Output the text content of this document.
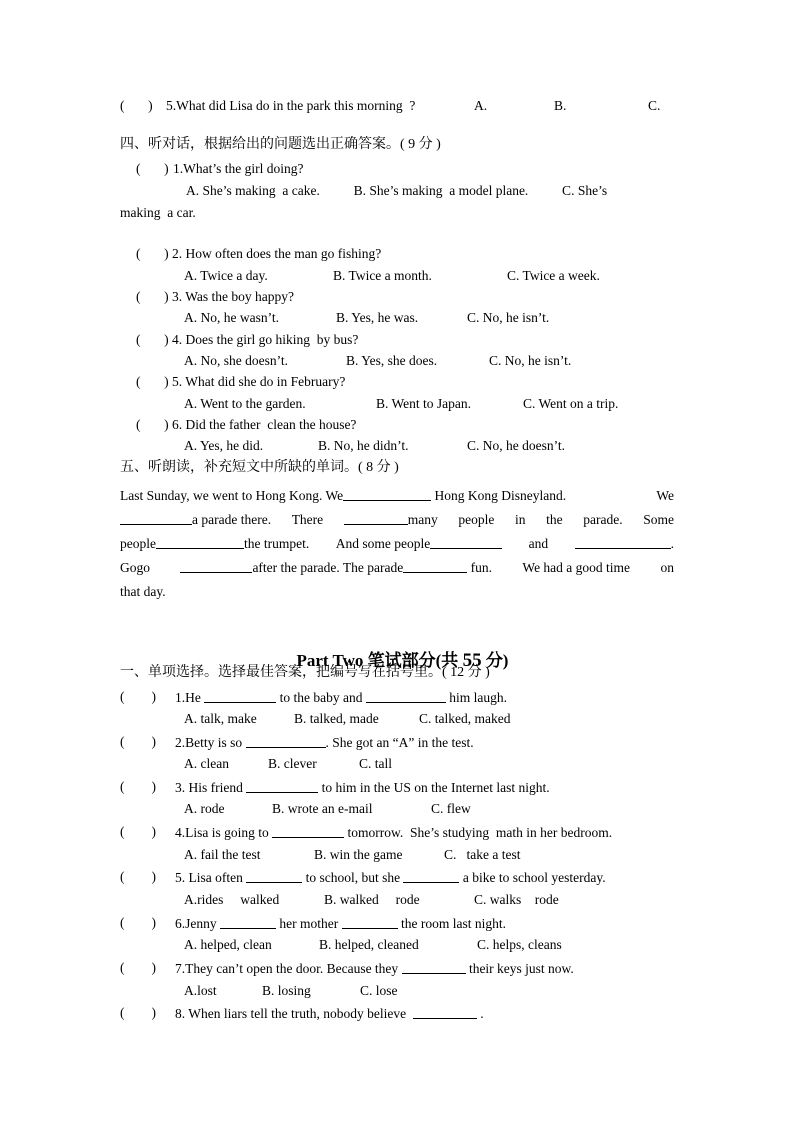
(       ) 5.What did Lisa do in the park this morning  ?	A.	B.	C.
四、听对话，根据给出的问题选出正确答案。( 9 分 )
(       ) 1.What’s the girl doing?
A. She’s making  a cake.          B. She’s making  a model plane.          C. She’s
making  a car.
(       ) 2. How often does the man go fishing?
A. Twice a day.	B. Twice a month.	C. Twice a week.
(       ) 3. Was the boy happy?
A. No, he wasn’t.	B. Yes, he was.	C. No, he isn’t.
(       ) 4. Does the girl go hiking  by bus?
A. No, she doesn’t.	B. Yes, she does.	C. No, he isn’t.
(       ) 5. What did she do in February?
A. Went to the garden.	B. Went to Japan.	C. Went on a trip.
(       ) 6. Did the father  clean the house?
A. Yes, he did.	B. No, he didn’t.	C. No, he doesn’t.
五、听朗读，补充短文中所缺的单词。( 8 分 )
Last Sunday, we went to Hong Kong. We	Hong Kong Disneyland.	We
a parade there. There	many people in the parade. Some
people	the trumpet. And some people	and	.
Gogo	after the parade. The parade	fun. We had a good time on
that day.

Part Two 笔试部分(共 55 分)

一、单项选择。选择最佳答案，把编号写在括号里。( 12 分 )
(        ) 1.He	to the baby and	him laugh.
A. talk, make	B. talked, made	C. talked, maked
(        ) 2.Betty is so	. She got an “A” in the test.
A. clean	B. clever	C. tall
(        ) 3. His friend	to him in the US on the Internet last night.
A. rode	B. wrote an e-mail	C. flew
(        ) 4.Lisa is going to	tomorrow.  She’s studying  math in her bedroom.
A. fail the test	B. win the game	C.   take a test
(        ) 5. Lisa often	to school, but she	a bike to school yesterday.
A.rides     walked	B. walked     rode	C. walks    rode
(        ) 6.Jenny	her mother	the room last night.
A. helped, clean	B. helped, cleaned	C. helps, cleans
(        ) 7.They can’t open the door. Because they	their keys just now.
A.lost	B. losing	C. lose
(        ) 8. When liars tell the truth, nobody believe	.
